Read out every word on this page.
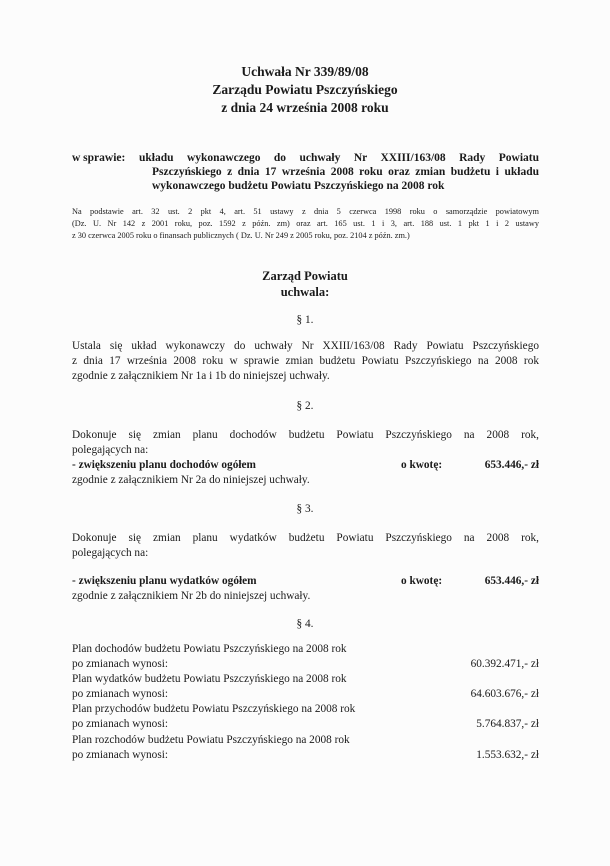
Uchwała Nr 339/89/08
Zarządu Powiatu Pszczyńskiego
z dnia 24 września 2008 roku
w sprawie: układu wykonawczego do uchwały Nr XXIII/163/08 Rady Powiatu
Pszczyńskiego z dnia 17 września 2008 roku oraz zmian budżetu i układu
wykonawczego budżetu Powiatu Pszczyńskiego na 2008 rok
Na podstawie art. 32 ust. 2 pkt 4, art. 51 ustawy z dnia 5 czerwca 1998 roku o samorządzie powiatowym
(Dz. U. Nr 142 z 2001 roku, poz. 1592 z późn. zm) oraz art. 165 ust. 1 i 3, art. 188 ust. 1 pkt 1 i 2 ustawy
z 30 czerwca 2005 roku o finansach publicznych ( Dz. U. Nr 249 z 2005 roku, poz. 2104 z późn. zm.)
Zarząd Powiatu
uchwala:
§ 1.
Ustala się układ wykonawczy do uchwały Nr XXIII/163/08 Rady Powiatu Pszczyńskiego
z dnia 17 września 2008 roku w sprawie zmian budżetu Powiatu Pszczyńskiego na 2008 rok
zgodnie z załącznikiem Nr 1a i 1b do niniejszej uchwały.
§ 2.
Dokonuje się zmian planu dochodów budżetu Powiatu Pszczyńskiego na 2008 rok,
polegających na:
- zwiększeniu planu dochodów ogółem	o kwotę:	653.446,- zł
zgodnie z załącznikiem Nr 2a do niniejszej uchwały.
§ 3.
Dokonuje się zmian planu wydatków budżetu Powiatu Pszczyńskiego na 2008 rok,
polegających na:
- zwiększeniu planu wydatków ogółem	o kwotę:	653.446,- zł
zgodnie z załącznikiem Nr 2b do niniejszej uchwały.
§ 4.
Plan dochodów budżetu Powiatu Pszczyńskiego na 2008 rok
po zmianach wynosi:	60.392.471,- zł
Plan wydatków budżetu Powiatu Pszczyńskiego na 2008 rok
po zmianach wynosi:	64.603.676,- zł
Plan przychodów budżetu Powiatu Pszczyńskiego na 2008 rok
po zmianach wynosi:	5.764.837,- zł
Plan rozchodów budżetu Powiatu Pszczyńskiego na 2008 rok
po zmianach wynosi:	1.553.632,- zł
